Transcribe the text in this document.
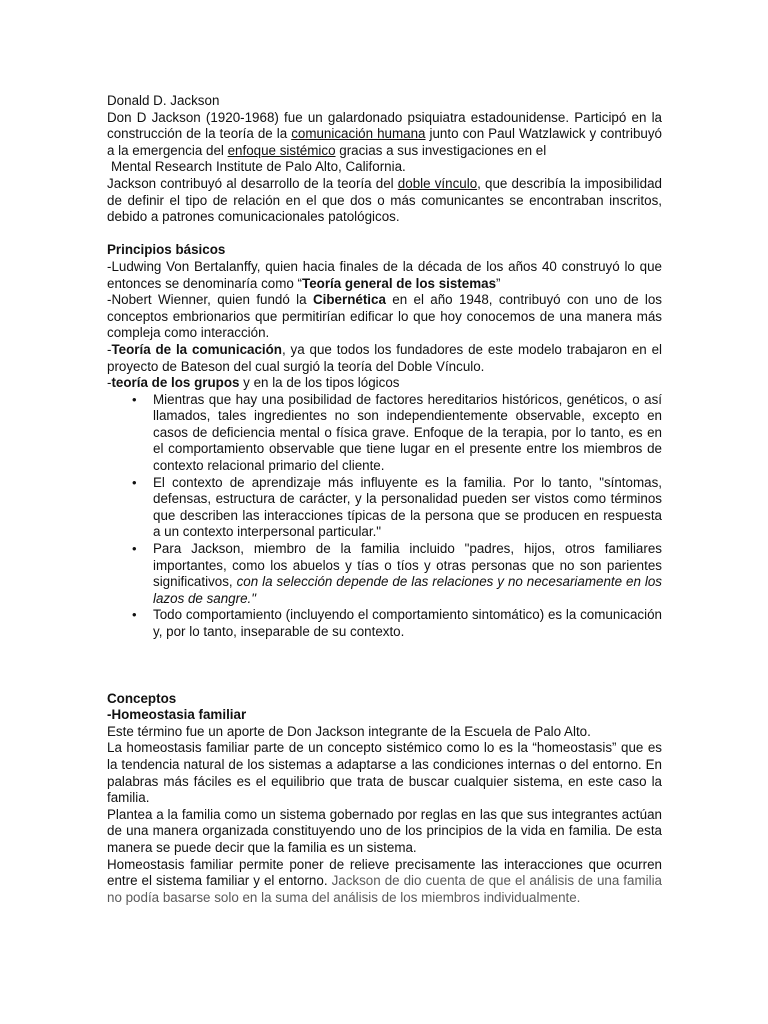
Donald D. Jackson

Don D Jackson (1920-1968) fue un galardonado psiquiatra estadounidense. Participó en la construcción de la teoría de la comunicación humana junto con Paul Watzlawick y contribuyó a la emergencia del enfoque sistémico gracias a sus investigaciones en el

Mental Research Institute de Palo Alto, California.

Jackson contribuyó al desarrollo de la teoría del doble vínculo, que describía la imposibilidad de definir el tipo de relación en el que dos o más comunicantes se encontraban inscritos, debido a patrones comunicacionales patológicos.

Principios básicos

-Ludwing Von Bertalanffy, quien hacia finales de la década de los años 40 construyó lo que entonces se denominaría como “Teoría general de los sistemas”

-Nobert Wienner, quien fundó la Cibernética en el año 1948, contribuyó con uno de los conceptos embrionarios que permitirían edificar lo que hoy conocemos de una manera más compleja como interacción.

-Teoría de la comunicación, ya que todos los fundadores de este modelo trabajaron en el proyecto de Bateson del cual surgió la teoría del Doble Vínculo.

-teoría de los grupos y en la de los tipos lógicos

• Mientras que hay una posibilidad de factores hereditarios históricos, genéticos, o así llamados, tales ingredientes no son independientemente observable, excepto en casos de deficiencia mental o física grave. Enfoque de la terapia, por lo tanto, es en el comportamiento observable que tiene lugar en el presente entre los miembros de contexto relacional primario del cliente.
• El contexto de aprendizaje más influyente es la familia. Por lo tanto, "síntomas, defensas, estructura de carácter, y la personalidad pueden ser vistos como términos que describen las interacciones típicas de la persona que se producen en respuesta a un contexto interpersonal particular."
• Para Jackson, miembro de la familia incluido "padres, hijos, otros familiares importantes, como los abuelos y tías o tíos y otras personas que no son parientes significativos, con la selección depende de las relaciones y no necesariamente en los lazos de sangre."
• Todo comportamiento (incluyendo el comportamiento sintomático) es la comunicación y, por lo tanto, inseparable de su contexto.

Conceptos

-Homeostasia familiar

Este término fue un aporte de Don Jackson integrante de la Escuela de Palo Alto.

La homeostasis familiar parte de un concepto sistémico como lo es la “homeostasis” que es la tendencia natural de los sistemas a adaptarse a las condiciones internas o del entorno. En palabras más fáciles es el equilibrio que trata de buscar cualquier sistema, en este caso la familia.

Plantea a la familia como un sistema gobernado por reglas en las que sus integrantes actúan de una manera organizada constituyendo uno de los principios de la vida en familia. De esta manera se puede decir que la familia es un sistema.

Homeostasis familiar permite poner de relieve precisamente las interacciones que ocurren entre el sistema familiar y el entorno. Jackson de dio cuenta de que el análisis de una familia no podía basarse solo en la suma del análisis de los miembros individualmente.
